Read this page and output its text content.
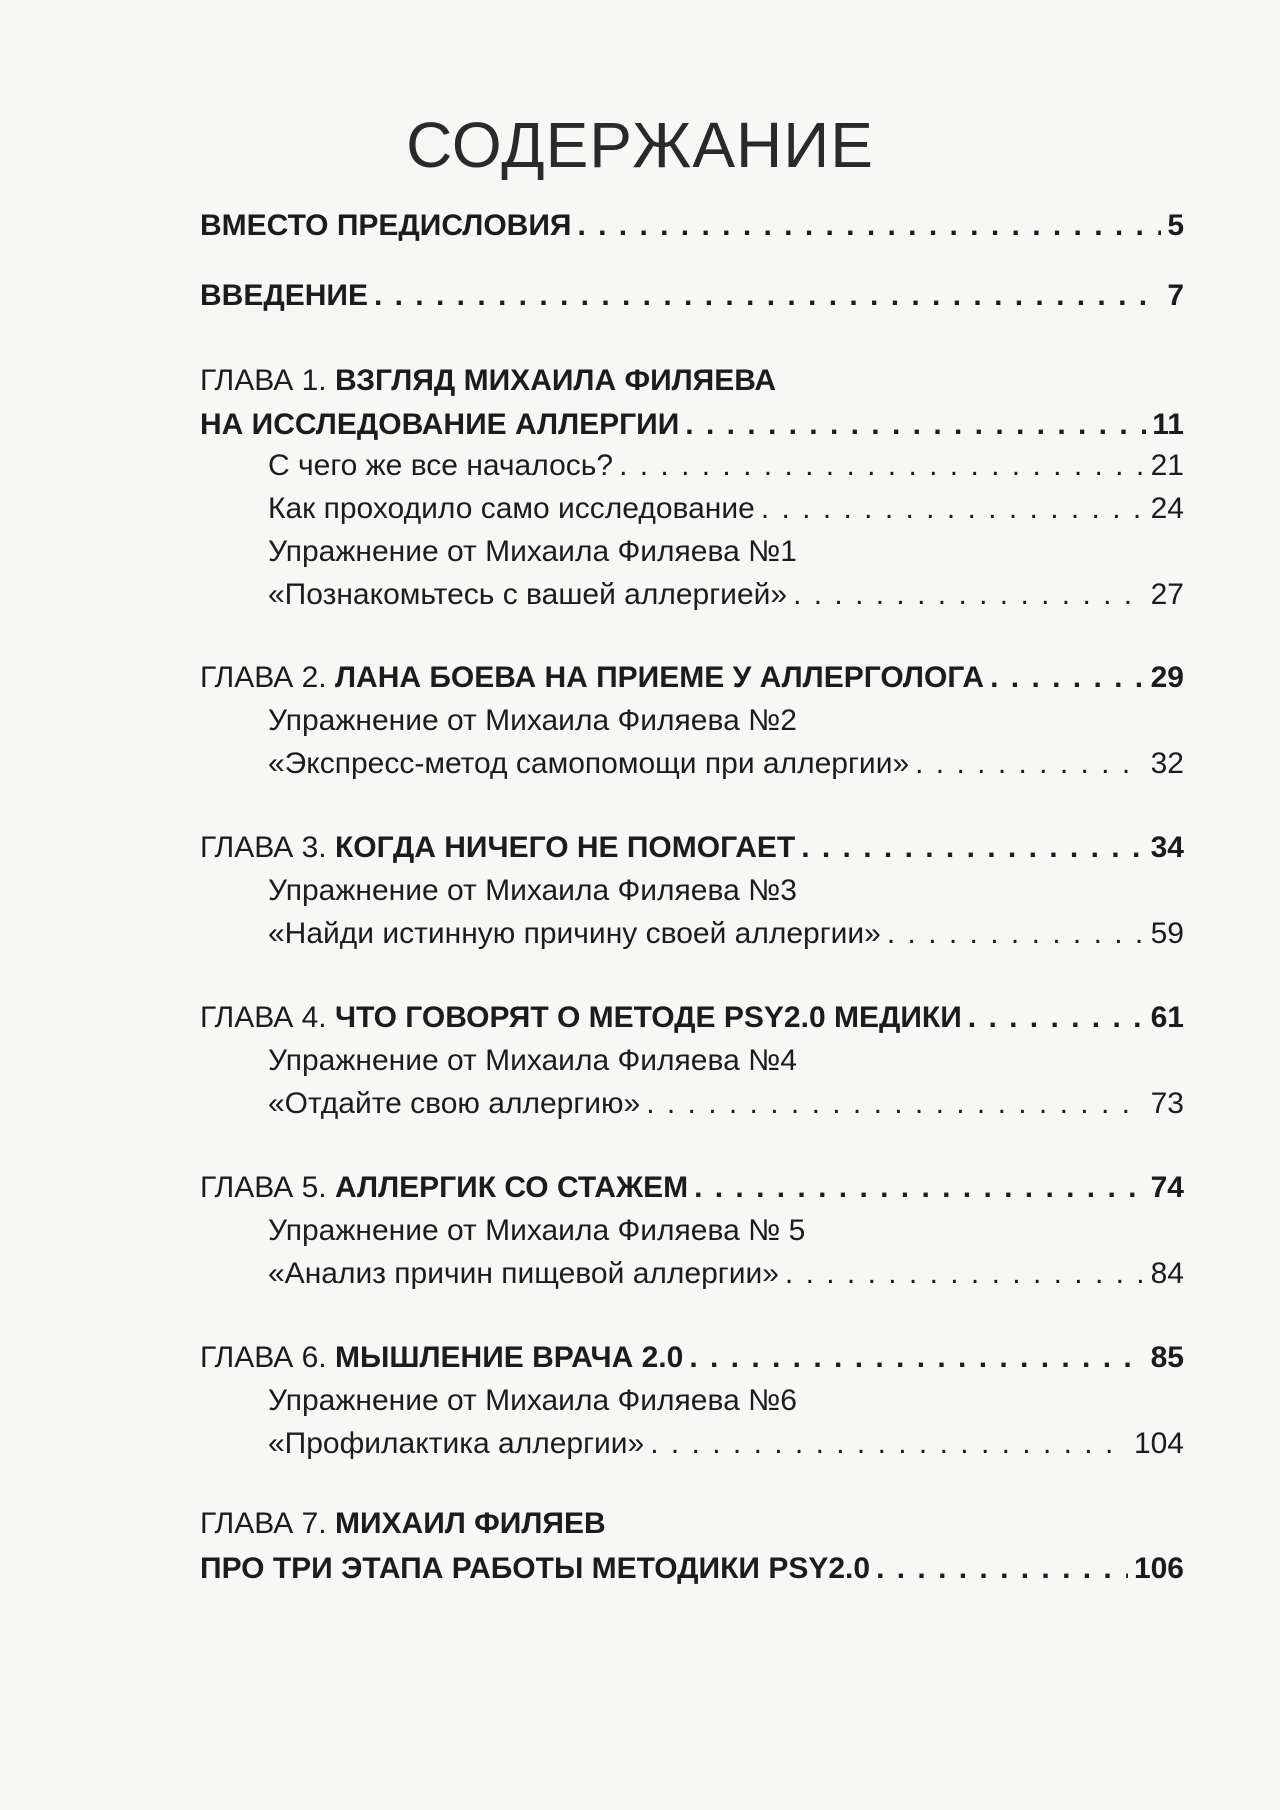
СОДЕРЖАНИЕ
ВМЕСТО ПРЕДИСЛОВИЯ . . .	5
ВВЕДЕНИЕ . . .	7
ГЛАВА 1. ВЗГЛЯД МИХАИЛА ФИЛЯЕВА
НА ИССЛЕДОВАНИЕ АЛЛЕРГИИ . . .	11
С чего же все началось? . . .	21
Как проходило само исследование . . .	24
Упражнение от Михаила Филяева №1
«Познакомьтесь с вашей аллергией» . . .	27
ГЛАВА 2. ЛАНА БОЕВА НА ПРИЕМЕ У АЛЛЕРГОЛОГА . . .	29
Упражнение от Михаила Филяева №2
«Экспресс-метод самопомощи при аллергии» . . .	32
ГЛАВА 3. КОГДА НИЧЕГО НЕ ПОМОГАЕТ . . .	34
Упражнение от Михаила Филяева №3
«Найди истинную причину своей аллергии» . . .	59
ГЛАВА 4. ЧТО ГОВОРЯТ О МЕТОДЕ PSY2.0 МЕДИКИ . . .	61
Упражнение от Михаила Филяева №4
«Отдайте свою аллергию» . . .	73
ГЛАВА 5. АЛЛЕРГИК СО СТАЖЕМ . . .	74
Упражнение от Михаила Филяева № 5
«Анализ причин пищевой аллергии» . . .	84
ГЛАВА 6. МЫШЛЕНИЕ ВРАЧА 2.0 . . .	85
Упражнение от Михаила Филяева №6
«Профилактика аллергии» . . .	104
ГЛАВА 7. МИХАИЛ ФИЛЯЕВ
ПРО ТРИ ЭТАПА РАБОТЫ МЕТОДИКИ PSY2.0 . . .	106
